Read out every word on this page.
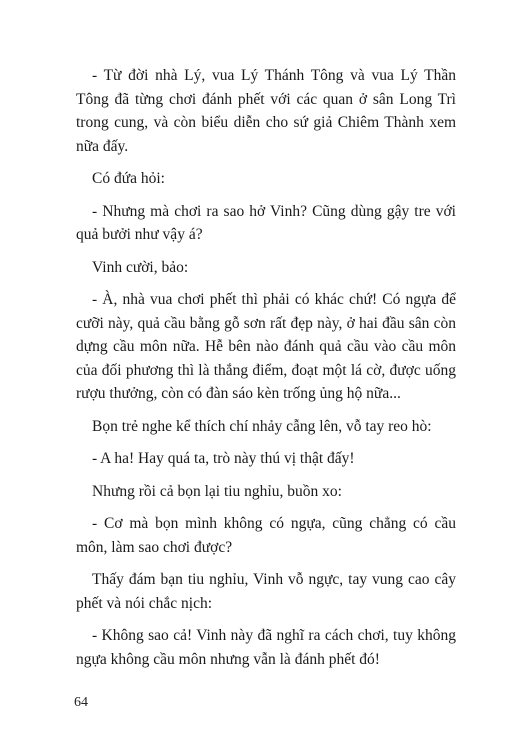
- Từ đời nhà Lý, vua Lý Thánh Tông và vua Lý Thần Tông đã từng chơi đánh phết với các quan ở sân Long Trì trong cung, và còn biểu diễn cho sứ giả Chiêm Thành xem nữa đấy.

Có đứa hỏi:

- Nhưng mà chơi ra sao hở Vinh? Cũng dùng gậy tre với quả bưởi như vậy á?

Vinh cười, bảo:

- À, nhà vua chơi phết thì phải có khác chứ! Có ngựa để cưỡi này, quả cầu bằng gỗ sơn rất đẹp này, ở hai đầu sân còn dựng cầu môn nữa. Hễ bên nào đánh quả cầu vào cầu môn của đối phương thì là thắng điểm, đoạt một lá cờ, được uống rượu thưởng, còn có đàn sáo kèn trống ủng hộ nữa...

Bọn trẻ nghe kể thích chí nhảy cẫng lên, vỗ tay reo hò:

- A ha! Hay quá ta, trò này thú vị thật đấy!

Nhưng rồi cả bọn lại tiu nghỉu, buồn xo:

- Cơ mà bọn mình không có ngựa, cũng chẳng có cầu môn, làm sao chơi được?

Thấy đám bạn tiu nghỉu, Vinh vỗ ngực, tay vung cao cây phết và nói chắc nịch:

- Không sao cả! Vinh này đã nghĩ ra cách chơi, tuy không ngựa không cầu môn nhưng vẫn là đánh phết đó!

64
